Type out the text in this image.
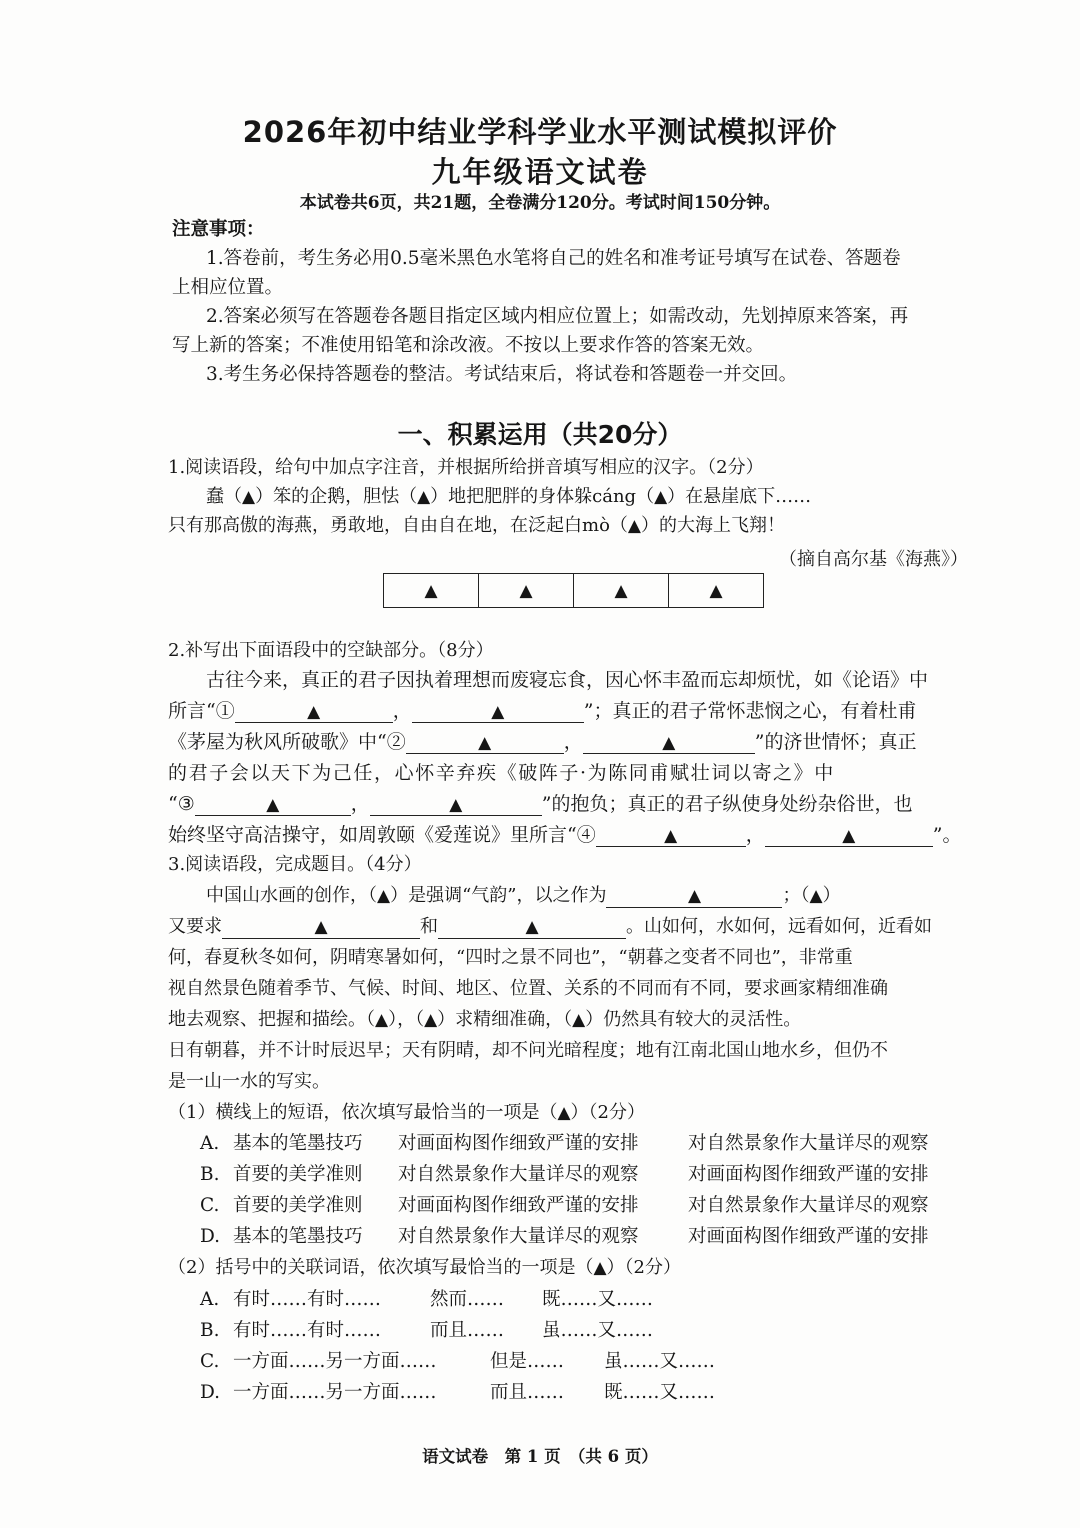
2026年初中结业学科学业水平测试模拟评价
九年级语文试卷
本试卷共6页，共21题，全卷满分120分。考试时间150分钟。
注意事项：
1.答卷前，考生务必用0.5毫米黑色水笔将自己的姓名和准考证号填写在试卷、答题卷
上相应位置。
2.答案必须写在答题卷各题目指定区域内相应位置上；如需改动，先划掉原来答案，再
写上新的答案；不准使用铅笔和涂改液。不按以上要求作答的答案无效。
3.考生务必保持答题卷的整洁。考试结束后，将试卷和答题卷一并交回。
一、积累运用（共20分）
1.阅读语段，给句中加点字注音，并根据所给拼音填写相应的汉字。（2分）
蠢（▲）笨的企鹅，胆怯（▲）地把肥胖的身体躲cáng（▲）在悬崖底下……
只有那高傲的海燕，勇敢地，自由自在地，在泛起白mò（▲）的大海上飞翔！
（摘自高尔基《海燕》）
▲	▲	▲	▲
2.补写出下面语段中的空缺部分。（8分）
古往今来，真正的君子因执着理想而废寝忘食，因心怀丰盈而忘却烦忧，如《论语》中
所言“①	▲	，	▲	”；真正的君子常怀悲悯之心，有着杜甫
《茅屋为秋风所破歌》中“②	▲	，	▲	”的济世情怀；真正
的君子会以天下为己任，心怀辛弃疾《破阵子·为陈同甫赋壮词以寄之》中
“③	▲	，	▲	”的抱负；真正的君子纵使身处纷杂俗世，也
始终坚守高洁操守，如周敦颐《爱莲说》里所言“④	▲	，	▲	”。
3.阅读语段，完成题目。（4分）
中国山水画的创作，（▲）是强调“气韵”，以之作为	▲	；（▲）
又要求	▲	和	▲	。山如何，水如何，远看如何，近看如
何，春夏秋冬如何，阴晴寒暑如何，“四时之景不同也”，“朝暮之变者不同也”，非常重
视自然景色随着季节、气候、时间、地区、位置、关系的不同而有不同，要求画家精细准确
地去观察、把握和描绘。（▲），（▲）求精细准确，（▲）仍然具有较大的灵活性。
日有朝暮，并不计时辰迟早；天有阴晴，却不问光暗程度；地有江南北国山地水乡，但仍不
是一山一水的写实。
（1）横线上的短语，依次填写最恰当的一项是（▲）（2分）
A. 基本的笔墨技巧 对画面构图作细致严谨的安排	对自然景象作大量详尽的观察
B. 首要的美学准则 对自然景象作大量详尽的观察	对画面构图作细致严谨的安排
C. 首要的美学准则 对画面构图作细致严谨的安排	对自然景象作大量详尽的观察
D. 基本的笔墨技巧 对自然景象作大量详尽的观察	对画面构图作细致严谨的安排
（2）括号中的关联词语，依次填写最恰当的一项是（▲）（2分）
A. 有时……有时……	然而…… 既……又……
B. 有时……有时……	而且…… 虽……又……
C. 一方面……另一方面……	但是…… 虽……又……
D. 一方面……另一方面……	而且…… 既……又……
语文试卷　第 1 页　（共 6 页）
